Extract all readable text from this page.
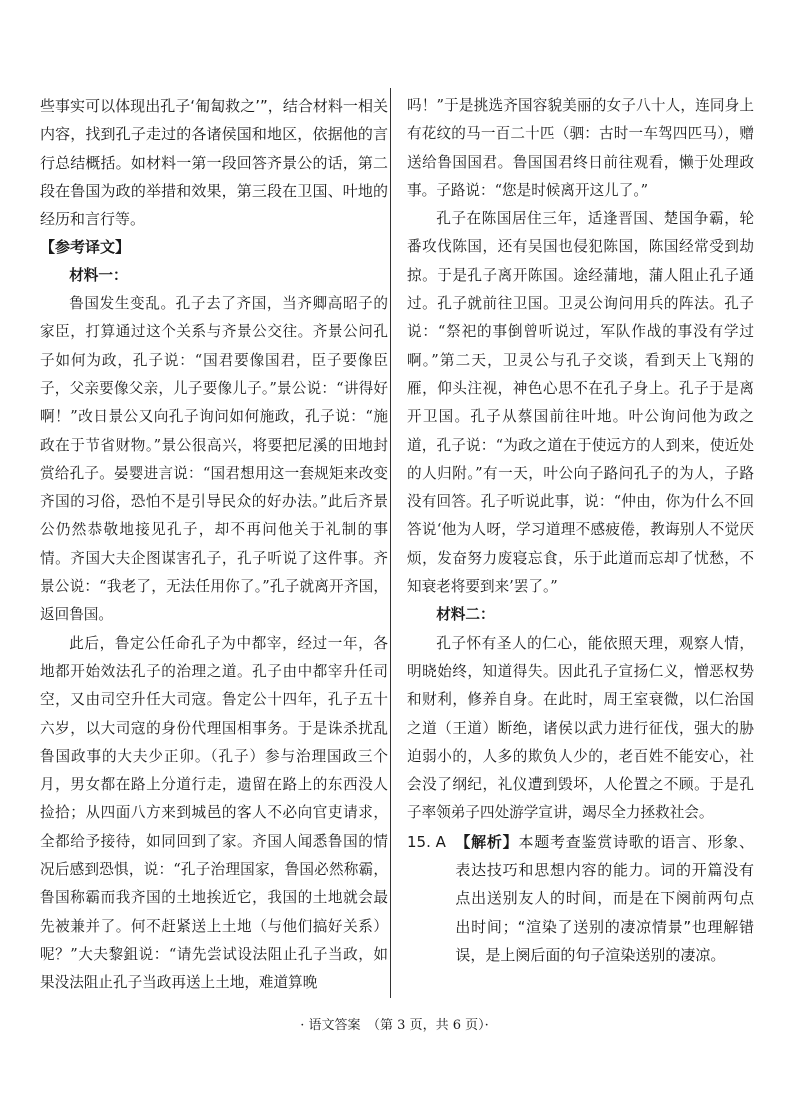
些事实可以体现出孔子‘匍匐救之’”，结合材料一相关内容，找到孔子走过的各诸侯国和地区，依据他的言行总结概括。如材料一第一段回答齐景公的话，第二段在鲁国为政的举措和效果，第三段在卫国、叶地的经历和言行等。

【参考译文】

材料一：

鲁国发生变乱。孔子去了齐国，当齐卿高昭子的家臣，打算通过这个关系与齐景公交往。齐景公问孔子如何为政，孔子说：“国君要像国君，臣子要像臣子，父亲要像父亲，儿子要像儿子。”景公说：“讲得好啊！”改日景公又向孔子询问如何施政，孔子说：“施政在于节省财物。”景公很高兴，将要把尼溪的田地封赏给孔子。晏婴进言说：“国君想用这一套规矩来改变齐国的习俗，恐怕不是引导民众的好办法。”此后齐景公仍然恭敬地接见孔子，却不再问他关于礼制的事情。齐国大夫企图谋害孔子，孔子听说了这件事。齐景公说：“我老了，无法任用你了。”孔子就离开齐国，返回鲁国。

此后，鲁定公任命孔子为中都宰，经过一年，各地都开始效法孔子的治理之道。孔子由中都宰升任司空，又由司空升任大司寇。鲁定公十四年，孔子五十六岁，以大司寇的身份代理国相事务。于是诛杀扰乱鲁国政事的大夫少正卯。（孔子）参与治理国政三个月，男女都在路上分道行走，遗留在路上的东西没人捡拾；从四面八方来到城邑的客人不必向官吏请求，全都给予接待，如同回到了家。齐国人闻悉鲁国的情况后感到恐惧，说：“孔子治理国家，鲁国必然称霸，鲁国称霸而我齐国的土地挨近它，我国的土地就会最先被兼并了。何不赶紧送上土地（与他们搞好关系）呢？”大夫黎鉏说：“请先尝试设法阻止孔子当政，如果没法阻止孔子当政再送上土地，难道算晚

吗！”于是挑选齐国容貌美丽的女子八十人，连同身上有花纹的马一百二十匹（驷：古时一车驾四匹马），赠送给鲁国国君。鲁国国君终日前往观看，懒于处理政事。子路说：“您是时候离开这儿了。”

孔子在陈国居住三年，适逢晋国、楚国争霸，轮番攻伐陈国，还有吴国也侵犯陈国，陈国经常受到劫掠。于是孔子离开陈国。途经蒲地，蒲人阻止孔子通过。孔子就前往卫国。卫灵公询问用兵的阵法。孔子说：“祭祀的事倒曾听说过，军队作战的事没有学过啊。”第二天，卫灵公与孔子交谈，看到天上飞翔的雁，仰头注视，神色心思不在孔子身上。孔子于是离开卫国。孔子从蔡国前往叶地。叶公询问他为政之道，孔子说：“为政之道在于使远方的人到来，使近处的人归附。”有一天，叶公向子路问孔子的为人，子路没有回答。孔子听说此事，说：“仲由，你为什么不回答说‘他为人呀，学习道理不感疲倦，教诲别人不觉厌烦，发奋努力废寝忘食，乐于此道而忘却了忧愁，不知衰老将要到来’罢了。”

材料二：

孔子怀有圣人的仁心，能依照天理，观察人情，明晓始终，知道得失。因此孔子宣扬仁义，憎恶权势和财利，修养自身。在此时，周王室衰微，以仁治国之道（王道）断绝，诸侯以武力进行征伐，强大的胁迫弱小的，人多的欺负人少的，老百姓不能安心，社会没了纲纪，礼仪遭到毁坏，人伦置之不顾。于是孔子率领弟子四处游学宣讲，竭尽全力拯救社会。

15. A 【解析】本题考查鉴赏诗歌的语言、形象、表达技巧和思想内容的能力。词的开篇没有点出送别友人的时间，而是在下阕前两句点出时间；“渲染了送别的凄凉情景”也理解错误，是上阕后面的句子渲染送别的凄凉。
· 语文答案　（第 3 页，共 6 页）·
